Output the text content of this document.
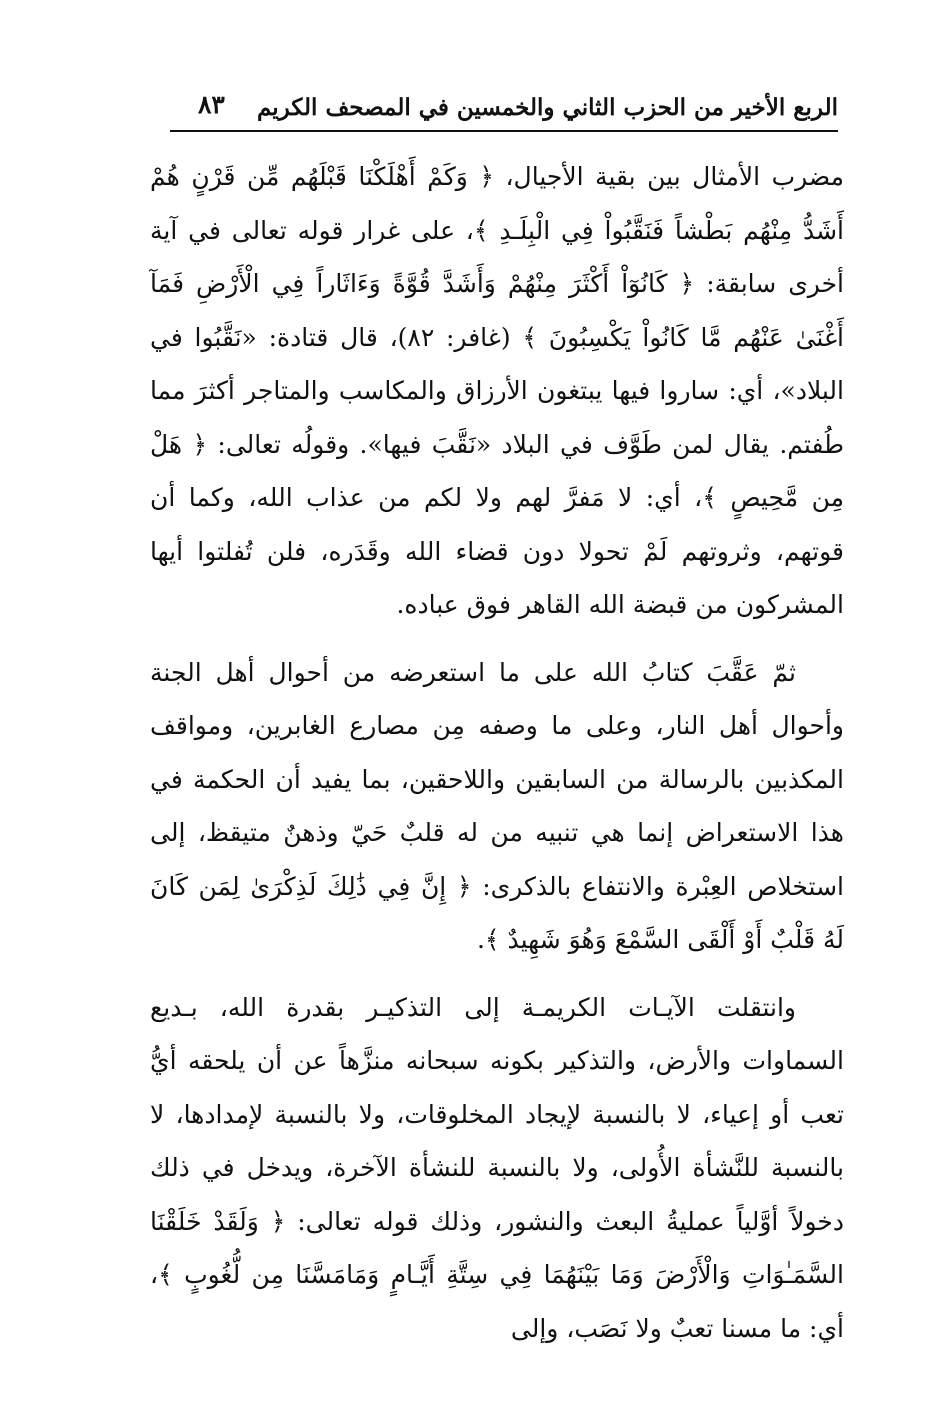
الربع الأخير من الحزب الثاني والخمسين في المصحف الكريم
٨٣

مضرب الأمثال بين بقية الأجيال، ﴿ وَكَمْ أَهْلَكْنَا قَبْلَهُم مِّن قَرْنٍ هُمْ أَشَدُّ مِنْهُم بَطْشاً فَنَقَّبُواْ فِي الْبِلَـدِ ﴾، على غرار قوله تعالى في آية أخرى سابقة: ﴿ كَانُوٓاْ أَكْثَرَ مِنْهُمْ وَأَشَدَّ قُوَّةً وَءَاثَاراً فِي الْأَرْضِ فَمَآ أَغْنَىٰ عَنْهُم مَّا كَانُواْ يَكْسِبُونَ ﴾ (غافر: ٨٢)، قال قتادة: «نَقَّبُوا في البلاد»، أي: ساروا فيها يبتغون الأرزاق والمكاسب والمتاجر أكثرَ مما طُفتم. يقال لمن طَوَّف في البلاد «نَقَّبَ فيها». وقولُه تعالى: ﴿ هَلْ مِن مَّحِيصٍ ﴾، أي: لا مَفرَّ لهم ولا لكم من عذاب الله، وكما أن قوتهم، وثروتهم لَمْ تحولا دون قضاء الله وقَدَره، فلن تُفلتوا أيها المشركون من قبضة الله القاهر فوق عباده.

ثمّ عَقَّبَ كتابُ الله على ما استعرضه من أحوال أهل الجنة وأحوال أهل النار، وعلى ما وصفه مِن مصارع الغابرين، ومواقف المكذبين بالرسالة من السابقين واللاحقين، بما يفيد أن الحكمة في هذا الاستعراض إنما هي تنبيه من له قلبٌ حَيّ وذهنٌ متيقظ، إلى استخلاص العِبْرة والانتفاع بالذكرى: ﴿ إِنَّ فِي ذَٰلِكَ لَذِكْرَىٰ لِمَن كَانَ لَهُ قَلْبٌ أَوْ أَلْقَى السَّمْعَ وَهُوَ شَهِيدٌ ﴾.

وانتقلت الآيـات الكريمـة إلى التذكيـر بقدرة الله، بـديع السماوات والأرض، والتذكير بكونه سبحانه منزَّهاً عن أن يلحقه أيُّ تعب أو إعياء، لا بالنسبة لإيجاد المخلوقات، ولا بالنسبة لإمدادها، لا بالنسبة للنَّشأة الأُولى، ولا بالنسبة للنشأة الآخرة، ويدخل في ذلك دخولاً أوَّلياً عمليةُ البعث والنشور، وذلك قوله تعالى: ﴿ وَلَقَدْ خَلَقْنَا السَّمَـٰوَاتِ وَالْأَرْضَ وَمَا بَيْنَهُمَا فِي سِتَّةِ أَيَّـامٍ وَمَامَسَّنَا مِن لُّغُوبٍ ﴾، أي: ما مسنا تعبٌ ولا نَصَب، وإلى
